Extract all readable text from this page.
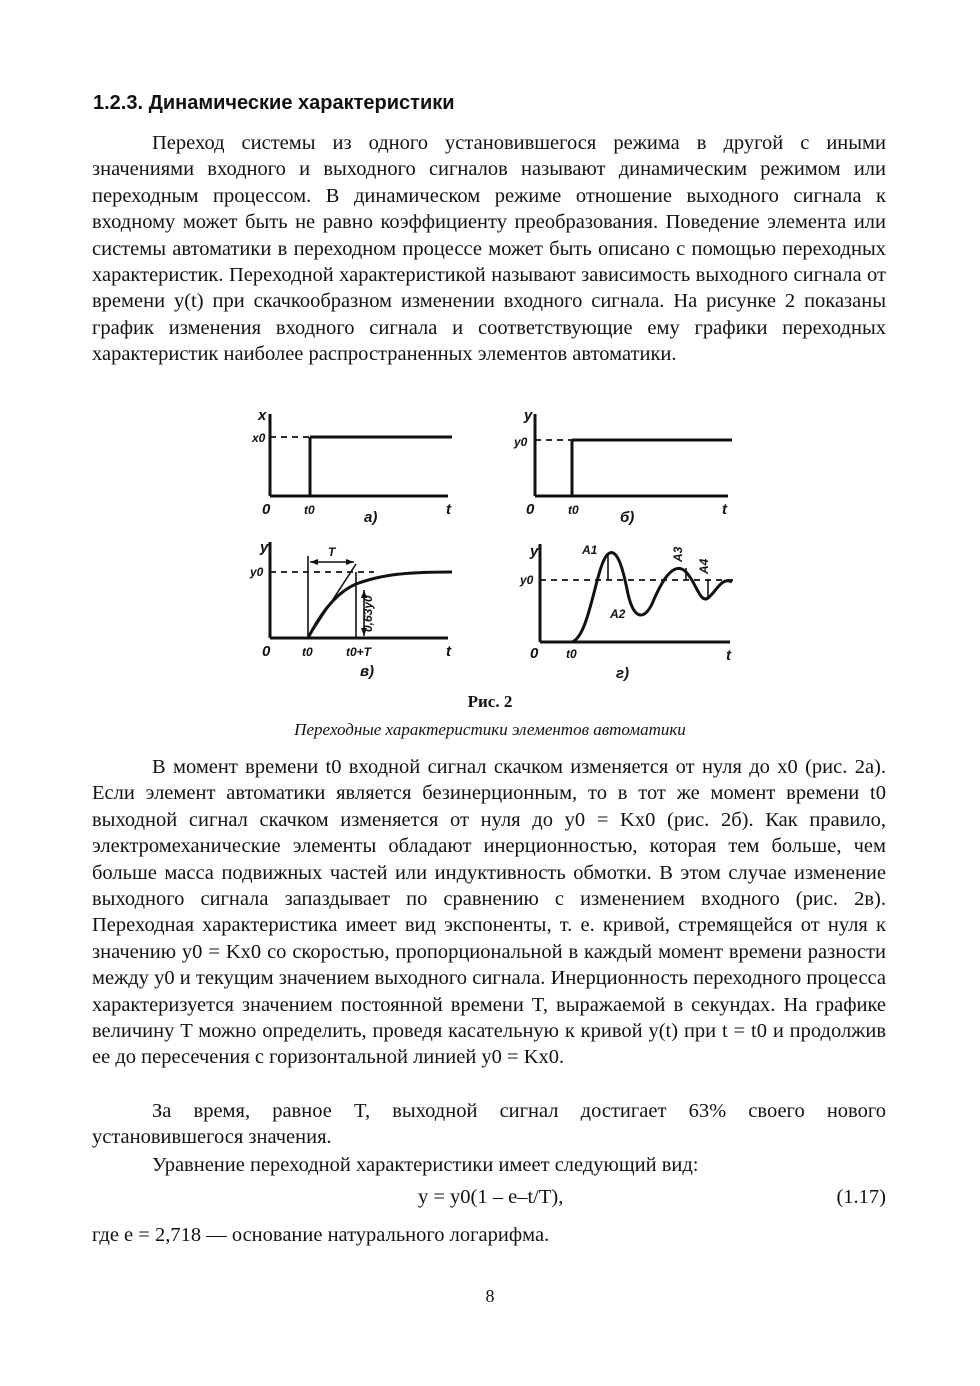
1.2.3. Динамические характеристики

Переход системы из одного установившегося режима в другой с иными значениями входного и выходного сигналов называют динамическим режимом или переходным процессом. В динамическом режиме отношение выходного сигнала к входному может быть не равно коэффициенту преобразования. Поведение элемента или системы автоматики в переходном процессе может быть описано с помощью переходных характеристик. Переходной характеристикой называют зависимость выходного сигнала от времени y(t) при скачкообразном изменении входного сигнала. На рисунке 2 показаны график изменения входного сигнала и соответствующие ему графики переходных характеристик наиболее распространенных элементов автоматики.

x
x0
0	t0	а)	t
y
y0
0	t0	б)	t
y
y0
T
0,63y0
0	t0	t0+T
в)
t
y
y0
A1
A2
A3
A4
0 t0
г)
t
Рис. 2
Переходные характеристики элементов автоматики

В момент времени t0 входной сигнал скачком изменяется от нуля до x0 (рис. 2а). Если элемент автоматики является безинерционным, то в тот же момент времени t0 выходной сигнал скачком изменяется от нуля до y0 = Kx0 (рис. 2б). Как правило, электромеханические элементы обладают инерционностью, которая тем больше, чем больше масса подвижных частей или индуктивность обмотки. В этом случае изменение выходного сигнала запаздывает по сравнению с изменением входного (рис. 2в). Переходная характеристика имеет вид экспоненты, т. е. кривой, стремящейся от нуля к значению y0 = Kx0 со скоростью, пропорциональной в каждый момент времени разности между y0 и текущим значением выходного сигнала. Инерционность переходного процесса характеризуется значением постоянной времени T, выражаемой в секундах. На графике величину T можно определить, проведя касательную к кривой y(t) при t = t0 и продолжив ее до пересечения с горизонтальной линией y0 = Kx0.

За время, равное T, выходной сигнал достигает 63% своего нового установившегося значения.

Уравнение переходной характеристики имеет следующий вид:

y = y0(1 – e–t/T),	(1.17)

где e = 2,718 — основание натурального логарифма.

8
